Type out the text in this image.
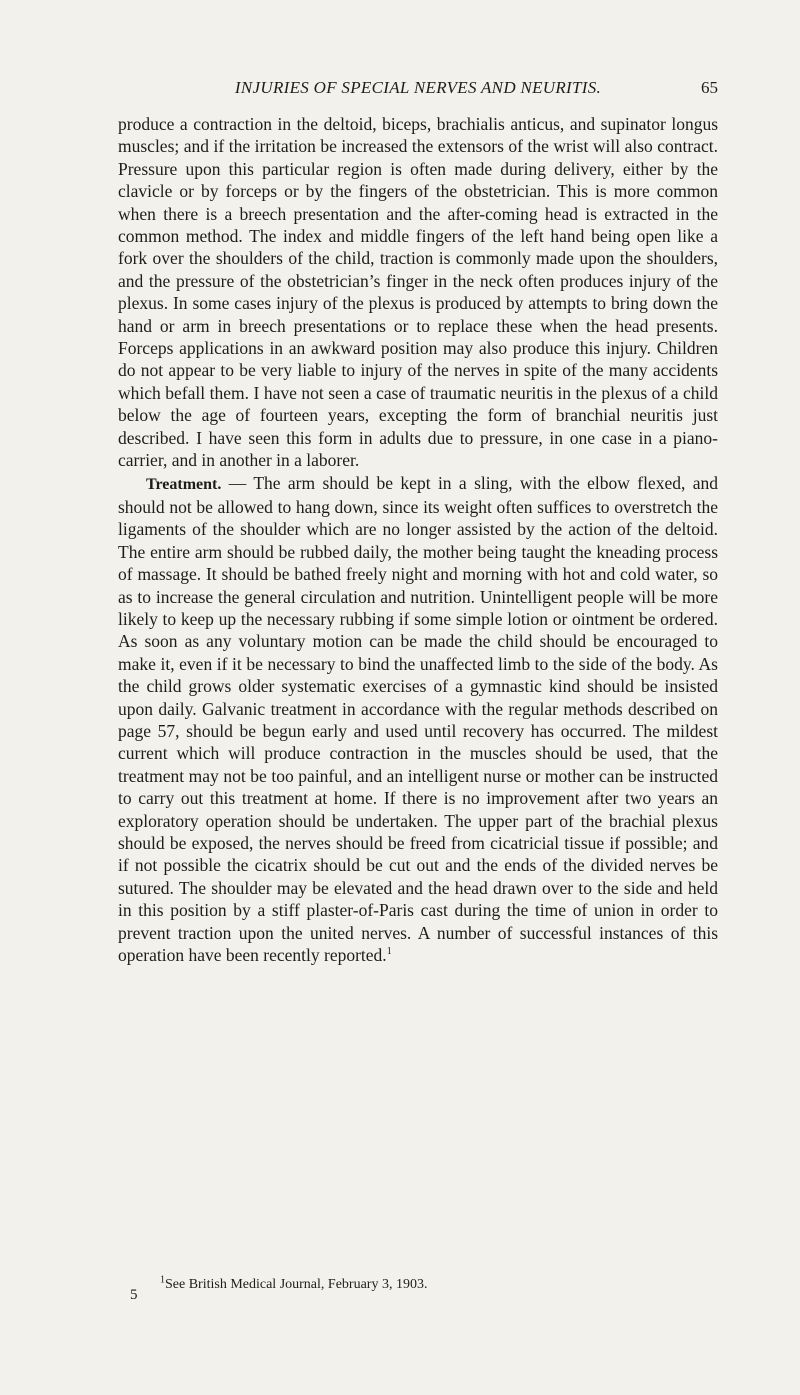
INJURIES OF SPECIAL NERVES AND NEURITIS.	65

produce a contraction in the deltoid, biceps, brachialis anticus, and supinator longus muscles; and if the irritation be increased the extensors of the wrist will also contract. Pressure upon this particular region is often made during delivery, either by the clavicle or by forceps or by the fingers of the obstetrician. This is more common when there is a breech presentation and the after-coming head is extracted in the common method. The index and middle fingers of the left hand being open like a fork over the shoulders of the child, traction is commonly made upon the shoulders, and the pressure of the obstetrician’s finger in the neck often produces injury of the plexus. In some cases injury of the plexus is produced by attempts to bring down the hand or arm in breech presentations or to replace these when the head presents. Forceps applications in an awkward position may also produce this injury. Children do not appear to be very liable to injury of the nerves in spite of the many accidents which befall them. I have not seen a case of traumatic neuritis in the plexus of a child below the age of fourteen years, excepting the form of branchial neuritis just described. I have seen this form in adults due to pressure, in one case in a piano-carrier, and in another in a laborer.

Treatment. — The arm should be kept in a sling, with the elbow flexed, and should not be allowed to hang down, since its weight often suffices to overstretch the ligaments of the shoulder which are no longer assisted by the action of the deltoid. The entire arm should be rubbed daily, the mother being taught the kneading process of massage. It should be bathed freely night and morning with hot and cold water, so as to increase the general circulation and nutrition. Unintelligent people will be more likely to keep up the necessary rubbing if some simple lotion or ointment be ordered. As soon as any voluntary motion can be made the child should be encouraged to make it, even if it be necessary to bind the unaffected limb to the side of the body. As the child grows older systematic exercises of a gymnastic kind should be insisted upon daily. Galvanic treatment in accordance with the regular methods described on page 57, should be begun early and used until recovery has occurred. The mildest current which will produce contraction in the muscles should be used, that the treatment may not be too painful, and an intelligent nurse or mother can be instructed to carry out this treatment at home. If there is no improvement after two years an exploratory operation should be undertaken. The upper part of the brachial plexus should be exposed, the nerves should be freed from cicatricial tissue if possible; and if not possible the cicatrix should be cut out and the ends of the divided nerves be sutured. The shoulder may be elevated and the head drawn over to the side and held in this position by a stiff plaster-of-Paris cast during the time of union in order to prevent traction upon the united nerves. A number of successful instances of this operation have been recently reported.$^1$

5
$^1$See British Medical Journal, February 3, 1903.
